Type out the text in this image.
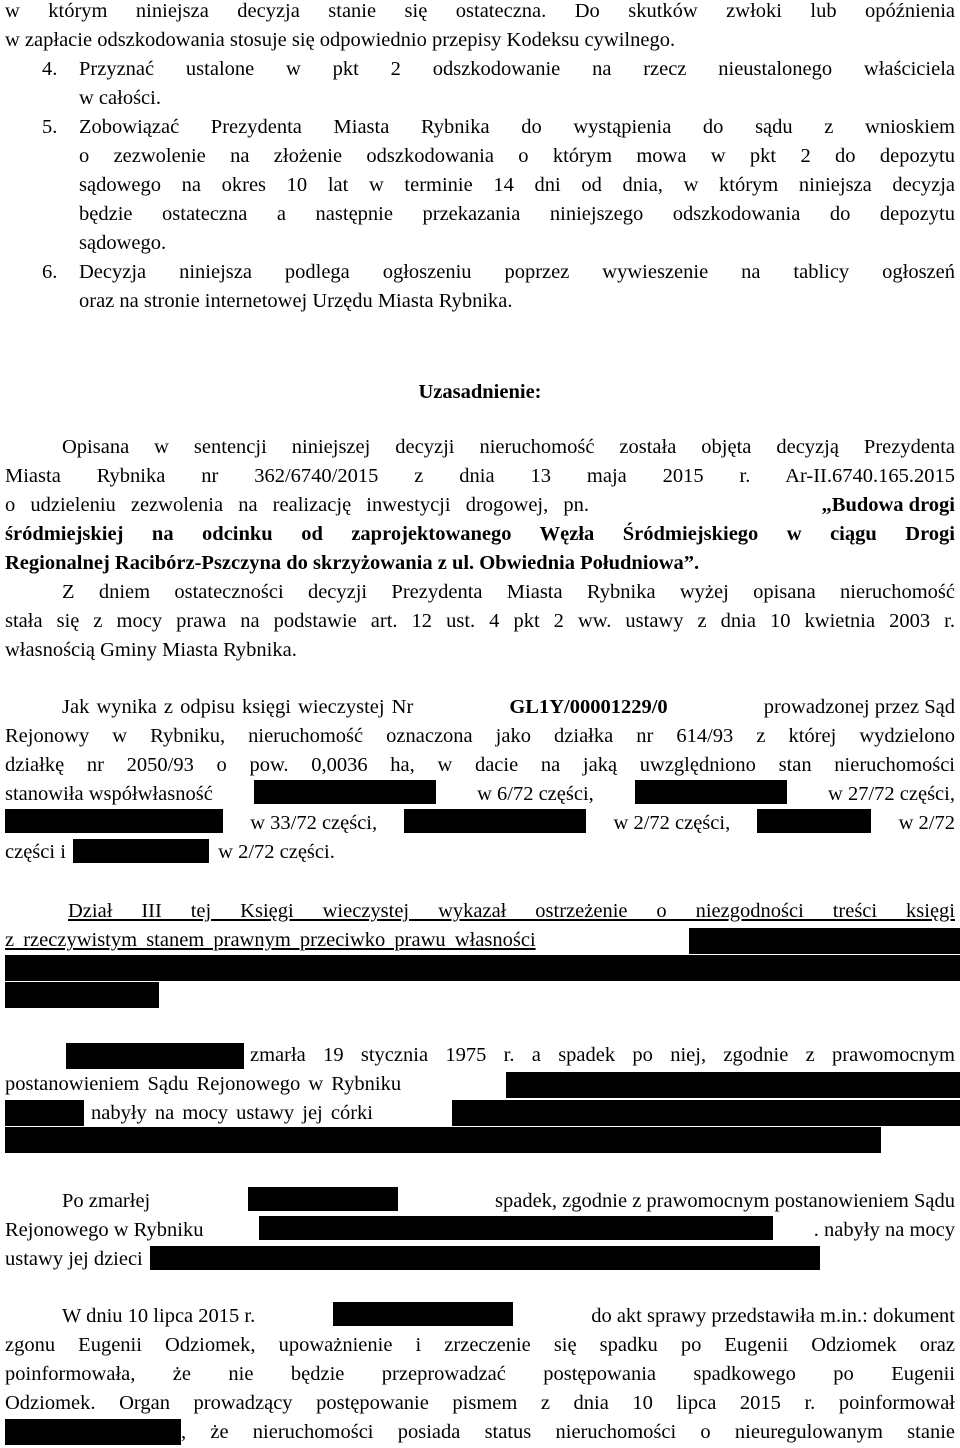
w którym niniejsza decyzja stanie się ostateczna. Do skutków zwłoki lub opóźnienia
w zapłacie odszkodowania stosuje się odpowiednio przepisy Kodeksu cywilnego.
4.	Przyznać ustalone w pkt 2 odszkodowanie na rzecz nieustalonego właściciela
w całości.
5.	Zobowiązać Prezydenta Miasta Rybnika do wystąpienia do sądu z wnioskiem
o zezwolenie na złożenie odszkodowania o którym mowa w pkt 2 do depozytu
sądowego na okres 10 lat w terminie 14 dni od dnia, w którym niniejsza decyzja
będzie ostateczna a następnie przekazania niniejszego odszkodowania do depozytu
sądowego.
6.	Decyzja niniejsza podlega ogłoszeniu poprzez wywieszenie na tablicy ogłoszeń
oraz na stronie internetowej Urzędu Miasta Rybnika.
Uzasadnienie:
Opisana w sentencji niniejszej decyzji nieruchomość została objęta decyzją Prezydenta
Miasta Rybnika nr 362/6740/2015 z dnia 13 maja 2015 r. Ar-II.6740.165.2015
o udzieleniu zezwolenia na realizację inwestycji drogowej, pn.	„Budowa drogi
śródmiejskiej na odcinku od zaprojektowanego Węzła Śródmiejskiego w ciągu Drogi
Regionalnej Racibórz-Pszczyna do skrzyżowania z ul. Obwiednia Południowa”.
Z dniem ostateczności decyzji Prezydenta Miasta Rybnika wyżej opisana nieruchomość
stała się z mocy prawa na podstawie art. 12 ust. 4 pkt 2 ww. ustawy z dnia 10 kwietnia 2003 r.
własnością Gminy Miasta Rybnika.
Jak wynika z odpisu księgi wieczystej Nr	GL1Y/00001229/0	prowadzonej przez Sąd
Rejonowy w Rybniku, nieruchomość oznaczona jako działka nr 614/93 z której wydzielono
działkę nr 2050/93 o pow. 0,0036 ha, w dacie na jaką uwzględniono stan nieruchomości
stanowiła współwłasność	w 6/72 części,	w 27/72 części,
w 33/72 części,	w 2/72 części,	w 2/72
części i	w 2/72 części.
Dział III tej Księgi wieczystej wykazał ostrzeżenie o niezgodności treści księgi
z rzeczywistym stanem prawnym przeciwko prawu własności
zmarła 19 stycznia 1975 r. a spadek po niej, zgodnie z prawomocnym
postanowieniem Sądu Rejonowego w Rybniku
nabyły na mocy ustawy jej córki
Po zmarłej	spadek, zgodnie z prawomocnym postanowieniem Sądu
Rejonowego w Rybniku	. nabyły na mocy
ustawy jej dzieci
W dniu 10 lipca 2015 r.	do akt sprawy przedstawiła m.in.: dokument
zgonu Eugenii Odziomek, upoważnienie i zrzeczenie się spadku po Eugenii Odziomek oraz
poinformowała, że nie będzie przeprowadzać postępowania spadkowego po Eugenii
Odziomek. Organ prowadzący postępowanie pismem z dnia 10 lipca 2015 r. poinformował
, że nieruchomości posiada status nieruchomości o nieuregulowanym stanie
